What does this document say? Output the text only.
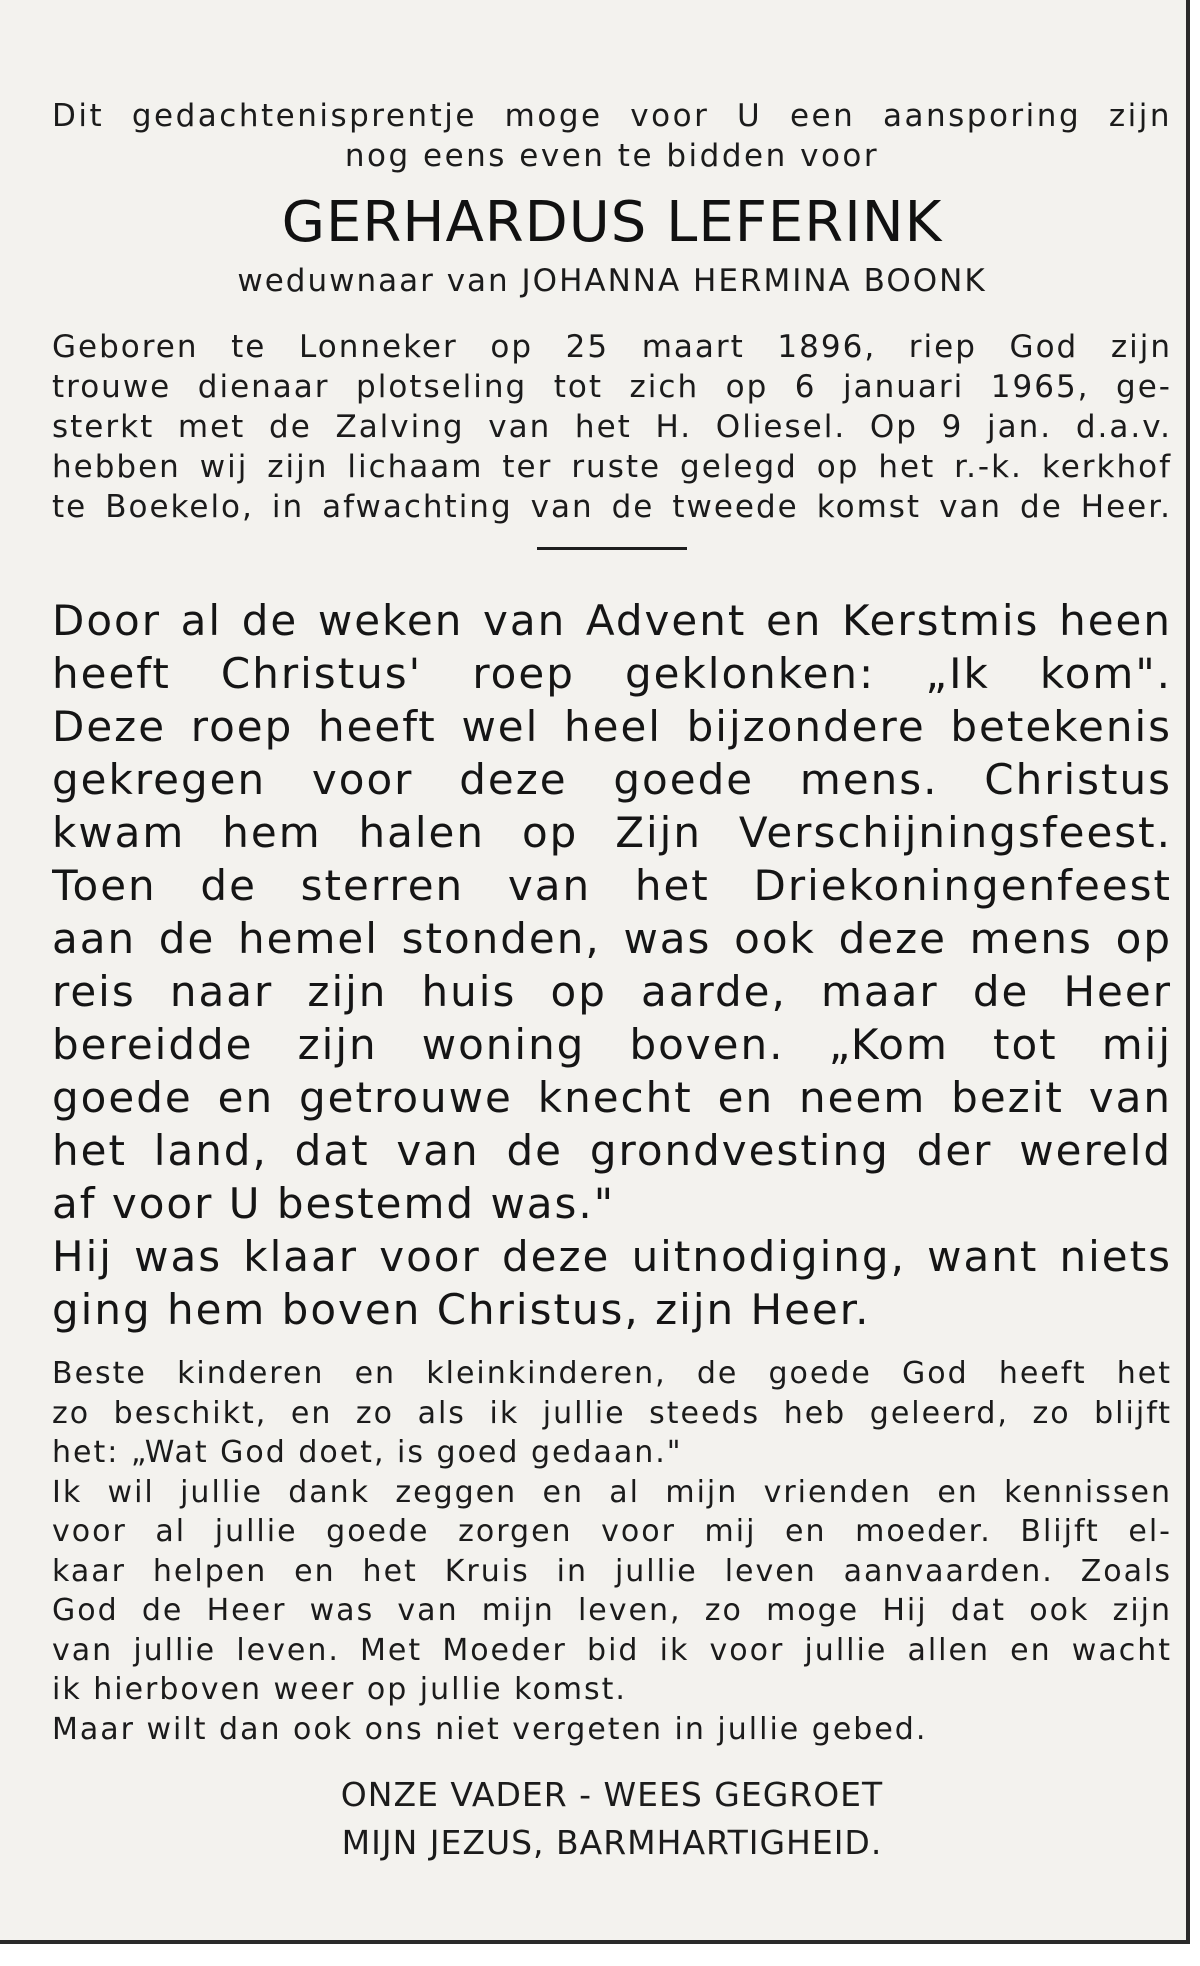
Dit gedachtenisprentje moge voor U een aansporing zijn
nog eens even te bidden voor

GERHARDUS LEFERINK

weduwnaar van JOHANNA HERMINA BOONK

Geboren te Lonneker op 25 maart 1896, riep God zijn
trouwe dienaar plotseling tot zich op 6 januari 1965, ge-
sterkt met de Zalving van het H. Oliesel. Op 9 jan. d.a.v.
hebben wij zijn lichaam ter ruste gelegd op het r.-k. kerkhof
te Boekelo, in afwachting van de tweede komst van de Heer.

Door al de weken van Advent en Kerstmis heen
heeft Christus' roep geklonken: „Ik kom".
Deze roep heeft wel heel bijzondere betekenis
gekregen voor deze goede mens. Christus
kwam hem halen op Zijn Verschijningsfeest.
Toen de sterren van het Driekoningenfeest
aan de hemel stonden, was ook deze mens op
reis naar zijn huis op aarde, maar de Heer
bereidde zijn woning boven. „Kom tot mij
goede en getrouwe knecht en neem bezit van
het land, dat van de grondvesting der wereld
af voor U bestemd was."
Hij was klaar voor deze uitnodiging, want niets
ging hem boven Christus, zijn Heer.

Beste kinderen en kleinkinderen, de goede God heeft het
zo beschikt, en zo als ik jullie steeds heb geleerd, zo blijft
het: „Wat God doet, is goed gedaan."
Ik wil jullie dank zeggen en al mijn vrienden en kennissen
voor al jullie goede zorgen voor mij en moeder. Blijft el-
kaar helpen en het Kruis in jullie leven aanvaarden. Zoals
God de Heer was van mijn leven, zo moge Hij dat ook zijn
van jullie leven. Met Moeder bid ik voor jullie allen en wacht
ik hierboven weer op jullie komst.
Maar wilt dan ook ons niet vergeten in jullie gebed.

ONZE VADER - WEES GEGROET
MIJN JEZUS, BARMHARTIGHEID.
